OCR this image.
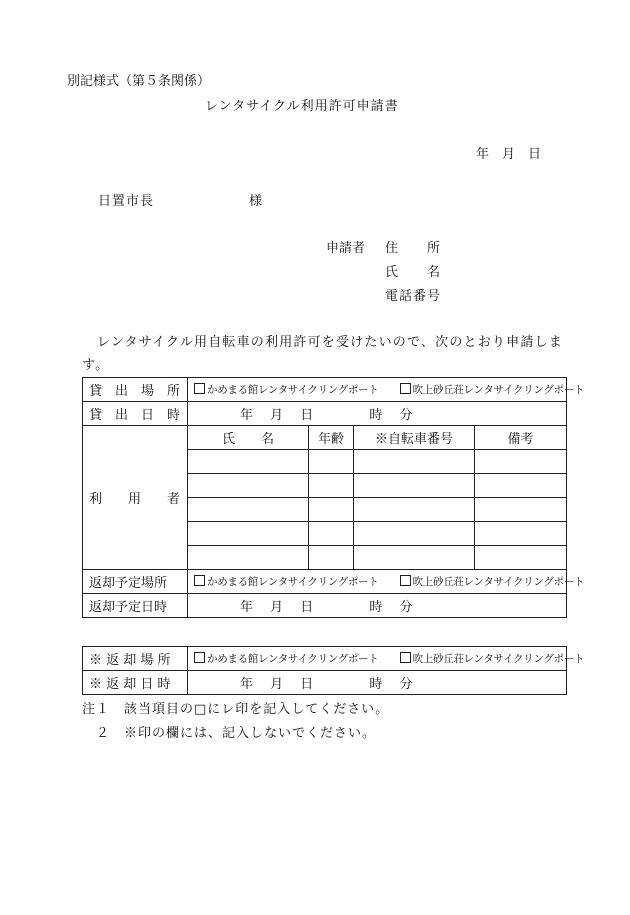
別記様式（第５条関係）
レンタサイクル利用許可申請書
年　月　日
日置市長	様
申請者 住　　所
氏　　名
電話番号
レンタサイクル用自転車の利用許可を受けたいので、次のとおり申請します。
貸　出　場　所	かめまる館レンタサイクリングポート 吹上砂丘荘レンタサイクリングポート			
貸　出　日　時	年　 月　 日　　　　 時　 分			
利　　用　　者	氏　　名	年齢	※自転車番号	備考

返却予定場所	かめまる館レンタサイクリングポート 吹上砂丘荘レンタサイクリングポート			
返却予定日時	年　 月　 日　　　　 時　 分			
※ 返 却 場 所	かめまる館レンタサイクリングポート 吹上砂丘荘レンタサイクリングポート
※ 返 却 日 時	年　 月　 日　　　　 時　 分
注１　該当項目の□にレ印を記入してください。
　２　※印の欄には、記入しないでください。
